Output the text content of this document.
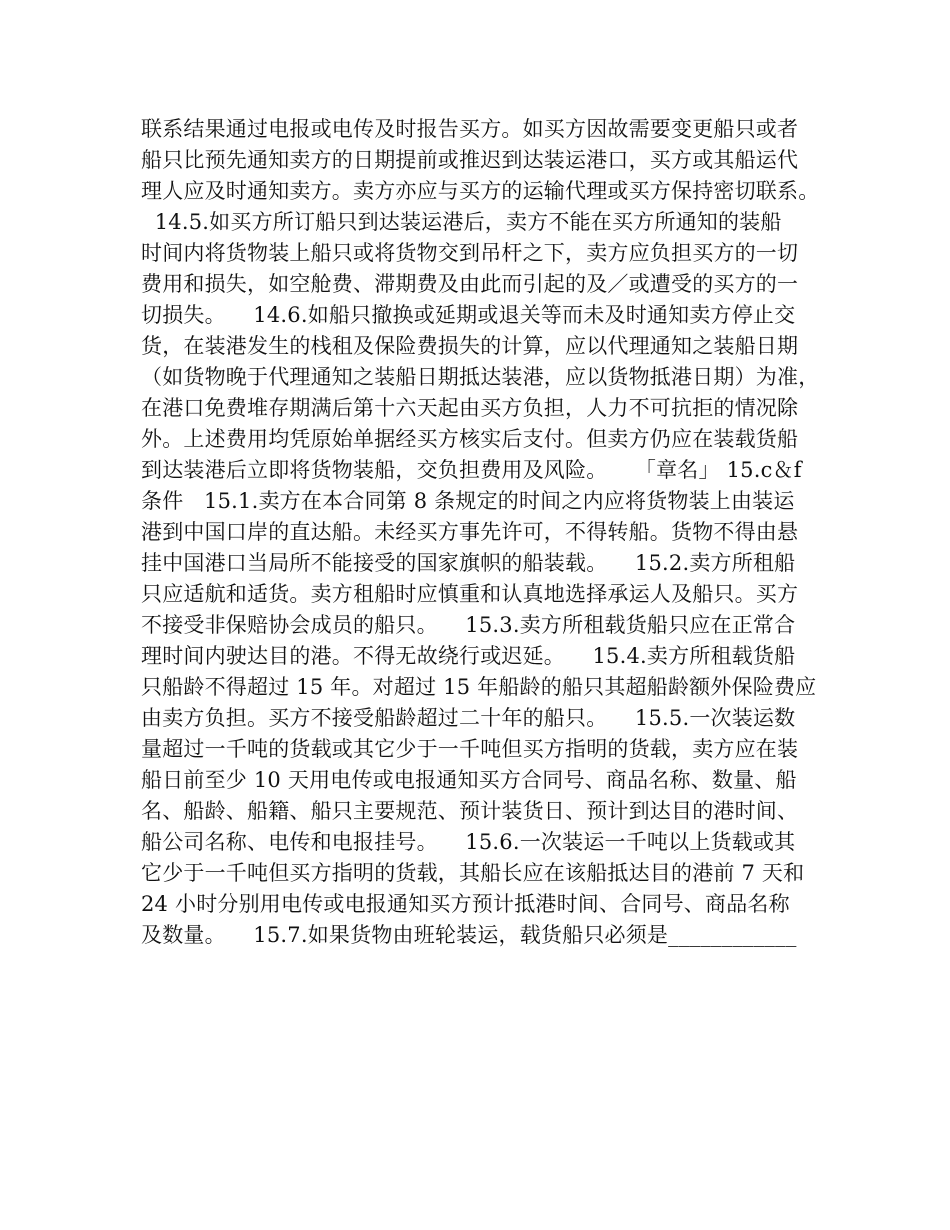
联系结果通过电报或电传及时报告买方。如买方因故需要变更船只或者
船只比预先通知卖方的日期提前或推迟到达装运港口，买方或其船运代
理人应及时通知卖方。卖方亦应与买方的运输代理或买方保持密切联系。
14.5.如买方所订船只到达装运港后，卖方不能在买方所通知的装船
时间内将货物装上船只或将货物交到吊杆之下，卖方应负担买方的一切
费用和损失，如空舱费、滞期费及由此而引起的及／或遭受的买方的一
切损失。    14.6.如船只撤换或延期或退关等而未及时通知卖方停止交
货，在装港发生的栈租及保险费损失的计算，应以代理通知之装船日期
（如货物晚于代理通知之装船日期抵达装港，应以货物抵港日期）为准，
在港口免费堆存期满后第十六天起由买方负担，人力不可抗拒的情况除
外。上述费用均凭原始单据经买方核实后支付。但卖方仍应在装载货船
到达装港后立即将货物装船，交负担费用及风险。    「章名」 15.c＆f
条件   15.1.卖方在本合同第 8 条规定的时间之内应将货物装上由装运
港到中国口岸的直达船。未经买方事先许可，不得转船。货物不得由悬
挂中国港口当局所不能接受的国家旗帜的船装载。    15.2.卖方所租船
只应适航和适货。卖方租船时应慎重和认真地选择承运人及船只。买方
不接受非保赔协会成员的船只。    15.3.卖方所租载货船只应在正常合
理时间内驶达目的港。不得无故绕行或迟延。    15.4.卖方所租载货船
只船龄不得超过 15 年。对超过 15 年船龄的船只其超船龄额外保险费应
由卖方负担。买方不接受船龄超过二十年的船只。    15.5.一次装运数
量超过一千吨的货载或其它少于一千吨但买方指明的货载，卖方应在装
船日前至少 10 天用电传或电报通知买方合同号、商品名称、数量、船
名、船龄、船籍、船只主要规范、预计装货日、预计到达目的港时间、
船公司名称、电传和电报挂号。    15.6.一次装运一千吨以上货载或其
它少于一千吨但买方指明的货载，其船长应在该船抵达目的港前 7 天和
24 小时分别用电传或电报通知买方预计抵港时间、合同号、商品名称
及数量。    15.7.如果货物由班轮装运，载货船只必须是____________
